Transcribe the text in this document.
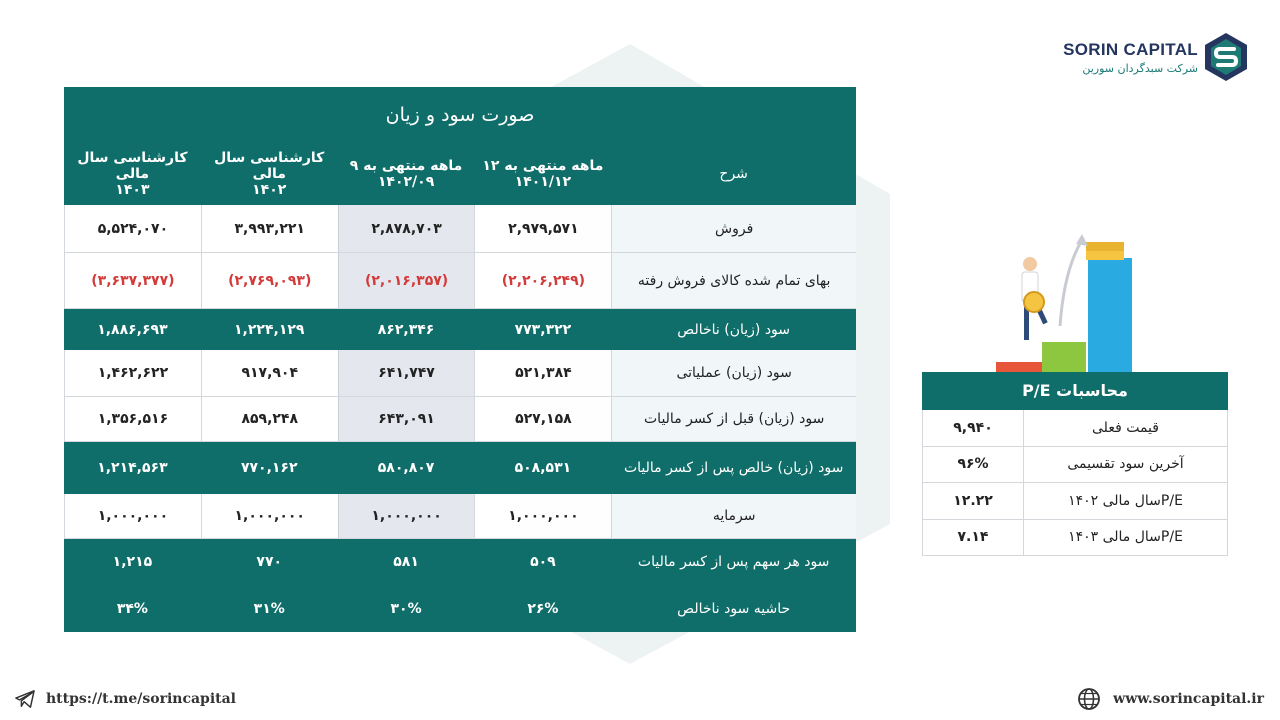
SORIN CAPITAL
شرکت سبدگردان سورین
صورت سود و زیان
شرح
۱۲ ماهه منتهی به
۱۴۰۱/۱۲
۹ ماهه منتهی به
۱۴۰۲/۰۹
کارشناسی سال مالی
۱۴۰۲
کارشناسی سال مالی
۱۴۰۳
فروش
۲,۹۷۹,۵۷۱
۲,۸۷۸,۷۰۳
۳,۹۹۳,۲۲۱
۵,۵۲۴,۰۷۰
بهای تمام شده کالای فروش رفته
(۲,۲۰۶,۲۴۹)
(۲,۰۱۶,۳۵۷)
(۲,۷۶۹,۰۹۳)
(۳,۶۳۷,۳۷۷)
سود (زیان) ناخالص
۷۷۳,۳۲۲
۸۶۲,۳۴۶
۱,۲۲۴,۱۲۹
۱,۸۸۶,۶۹۳
سود (زیان) عملیاتی
۵۲۱,۳۸۴
۶۴۱,۷۴۷
۹۱۷,۹۰۴
۱,۴۶۲,۶۲۲
سود (زیان) قبل از کسر مالیات
۵۲۷,۱۵۸
۶۴۳,۰۹۱
۸۵۹,۲۴۸
۱,۳۵۶,۵۱۶
سود (زیان) خالص پس از کسر مالیات
۵۰۸,۵۳۱
۵۸۰,۸۰۷
۷۷۰,۱۶۲
۱,۲۱۴,۵۶۳
سرمایه
۱,۰۰۰,۰۰۰
۱,۰۰۰,۰۰۰
۱,۰۰۰,۰۰۰
۱,۰۰۰,۰۰۰
سود هر سهم پس از کسر مالیات
۵۰۹
۵۸۱
۷۷۰
۱,۲۱۵
حاشیه سود ناخالص
۲۶%
۳۰%
۳۱%
۳۴%
محاسبات P/E
قیمت فعلی
۹,۹۴۰
آخرین سود تقسیمی
۹۶%
P/Eسال مالی ۱۴۰۲
۱۲.۲۲
P/Eسال مالی ۱۴۰۳
۷.۱۴
https://t.me/sorincapital	www.sorincapital.ir
